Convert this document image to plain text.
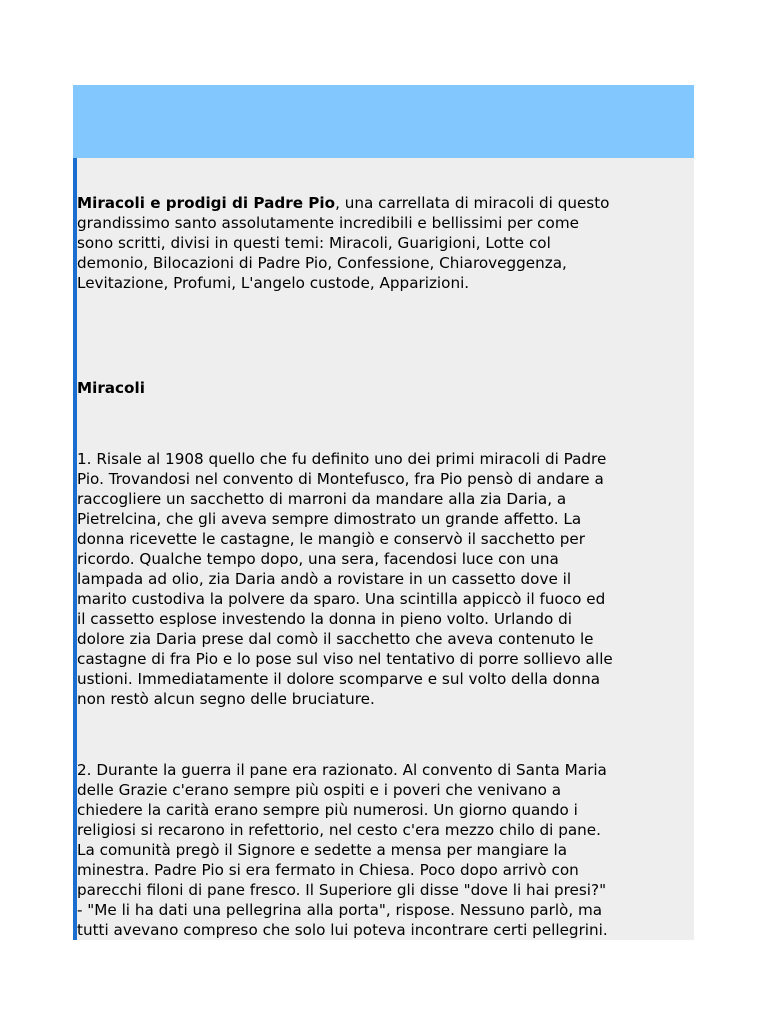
Miracoli e prodigi di Padre Pio, una carrellata di miracoli di questo
grandissimo santo assolutamente incredibili e bellissimi per come
sono scritti, divisi in questi temi: Miracoli, Guarigioni, Lotte col
demonio, Bilocazioni di Padre Pio, Confessione, Chiaroveggenza,
Levitazione, Profumi, L'angelo custode, Apparizioni.
Miracoli
1. Risale al 1908 quello che fu definito uno dei primi miracoli di Padre
Pio. Trovandosi nel convento di Montefusco, fra Pio pensò di andare a
raccogliere un sacchetto di marroni da mandare alla zia Daria, a
Pietrelcina, che gli aveva sempre dimostrato un grande affetto. La
donna ricevette le castagne, le mangiò e conservò il sacchetto per
ricordo. Qualche tempo dopo, una sera, facendosi luce con una
lampada ad olio, zia Daria andò a rovistare in un cassetto dove il
marito custodiva la polvere da sparo. Una scintilla appiccò il fuoco ed
il cassetto esplose investendo la donna in pieno volto. Urlando di
dolore zia Daria prese dal comò il sacchetto che aveva contenuto le
castagne di fra Pio e lo pose sul viso nel tentativo di porre sollievo alle
ustioni. Immediatamente il dolore scomparve e sul volto della donna
non restò alcun segno delle bruciature.
2. Durante la guerra il pane era razionato. Al convento di Santa Maria
delle Grazie c'erano sempre più ospiti e i poveri che venivano a
chiedere la carità erano sempre più numerosi. Un giorno quando i
religiosi si recarono in refettorio, nel cesto c'era mezzo chilo di pane.
La comunità pregò il Signore e sedette a mensa per mangiare la
minestra. Padre Pio si era fermato in Chiesa. Poco dopo arrivò con
parecchi filoni di pane fresco. Il Superiore gli disse "dove li hai presi?"
- "Me li ha dati una pellegrina alla porta", rispose. Nessuno parlò, ma
tutti avevano compreso che solo lui poteva incontrare certi pellegrini.
